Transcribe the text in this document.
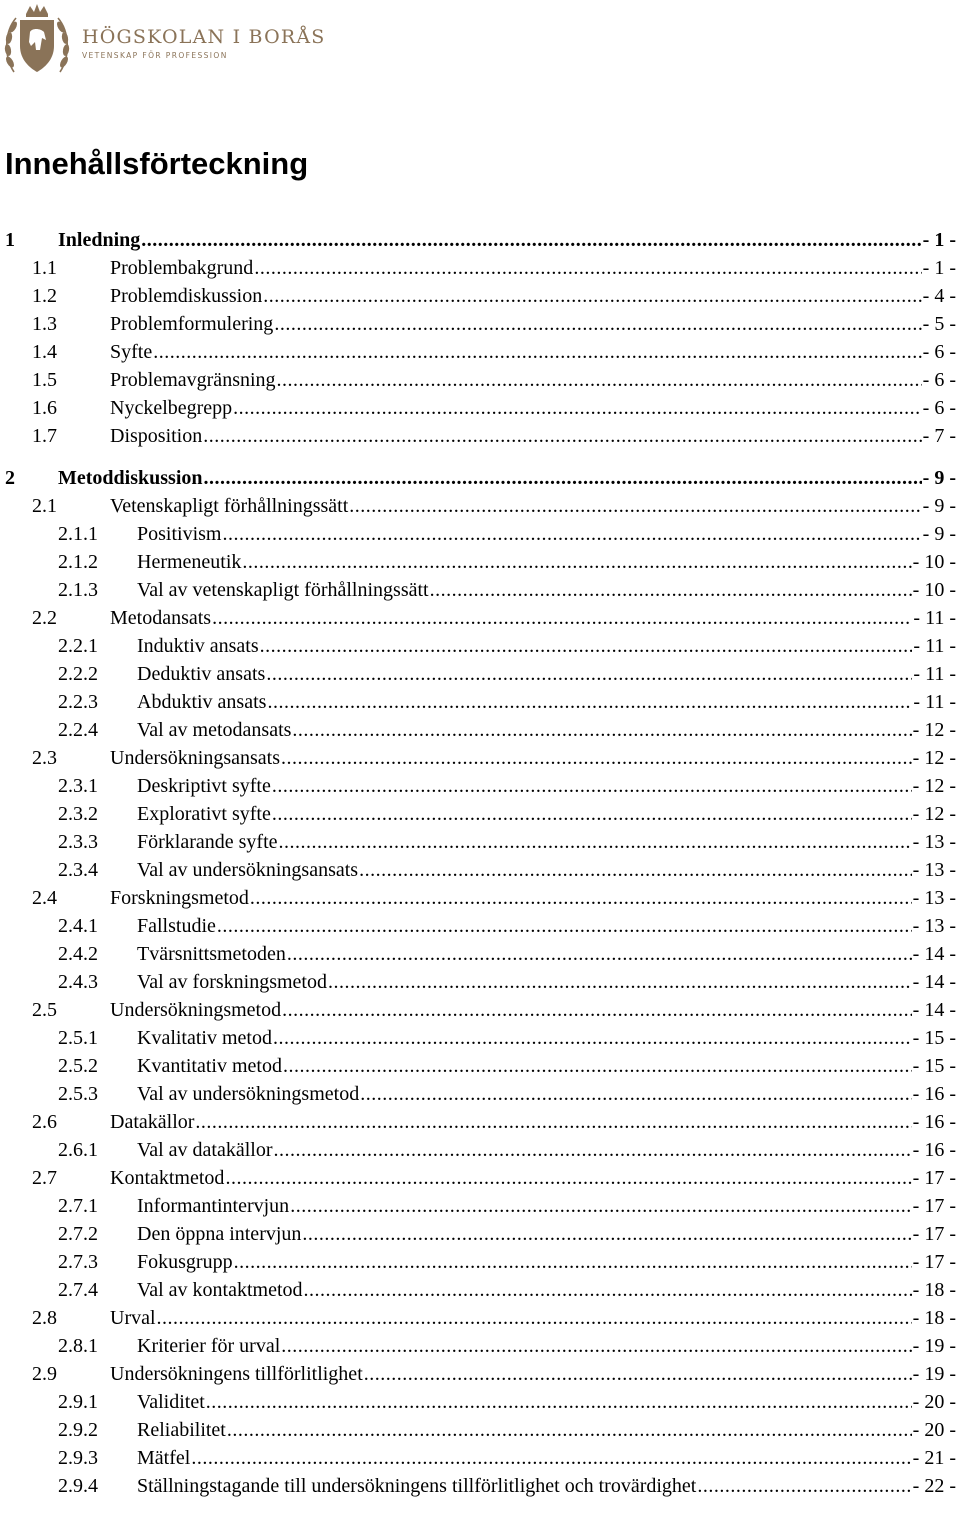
HÖGSKOLAN I BORÅS
VETENSKAP FÖR PROFESSION
Innehållsförteckning
1 Inledning .....	- 1 -
1.1	Problembakgrund .....	- 1 -
1.2	Problemdiskussion .....	- 4 -
1.3	Problemformulering .....	- 5 -
1.4	Syfte .....	- 6 -
1.5	Problemavgränsning .....	- 6 -
1.6	Nyckelbegrepp .....	- 6 -
1.7	Disposition .....	- 7 -
2 Metoddiskussion .....	- 9 -
2.1	Vetenskapligt förhållningssätt .....	- 9 -
2.1.1 Positivism .....	- 9 -
2.1.2 Hermeneutik .....	- 10 -
2.1.3 Val av vetenskapligt förhållningssätt .....	- 10 -
2.2	Metodansats .....	- 11 -
2.2.1 Induktiv ansats .....	- 11 -
2.2.2 Deduktiv ansats .....	- 11 -
2.2.3 Abduktiv ansats .....	- 11 -
2.2.4 Val av metodansats .....	- 12 -
2.3	Undersökningsansats .....	- 12 -
2.3.1 Deskriptivt syfte .....	- 12 -
2.3.2 Explorativt syfte .....	- 12 -
2.3.3 Förklarande syfte .....	- 13 -
2.3.4 Val av undersökningsansats .....	- 13 -
2.4	Forskningsmetod .....	- 13 -
2.4.1 Fallstudie .....	- 13 -
2.4.2 Tvärsnittsmetoden .....	- 14 -
2.4.3 Val av forskningsmetod .....	- 14 -
2.5	Undersökningsmetod .....	- 14 -
2.5.1 Kvalitativ metod .....	- 15 -
2.5.2 Kvantitativ metod .....	- 15 -
2.5.3 Val av undersökningsmetod .....	- 16 -
2.6	Datakällor .....	- 16 -
2.6.1 Val av datakällor .....	- 16 -
2.7	Kontaktmetod .....	- 17 -
2.7.1 Informantintervjun .....	- 17 -
2.7.2 Den öppna intervjun .....	- 17 -
2.7.3 Fokusgrupp .....	- 17 -
2.7.4 Val av kontaktmetod .....	- 18 -
2.8	Urval .....	- 18 -
2.8.1 Kriterier för urval .....	- 19 -
2.9	Undersökningens tillförlitlighet .....	- 19 -
2.9.1 Validitet .....	- 20 -
2.9.2 Reliabilitet .....	- 20 -
2.9.3 Mätfel .....	- 21 -
2.9.4 Ställningstagande till undersökningens tillförlitlighet och trovärdighet .....	- 22 -
